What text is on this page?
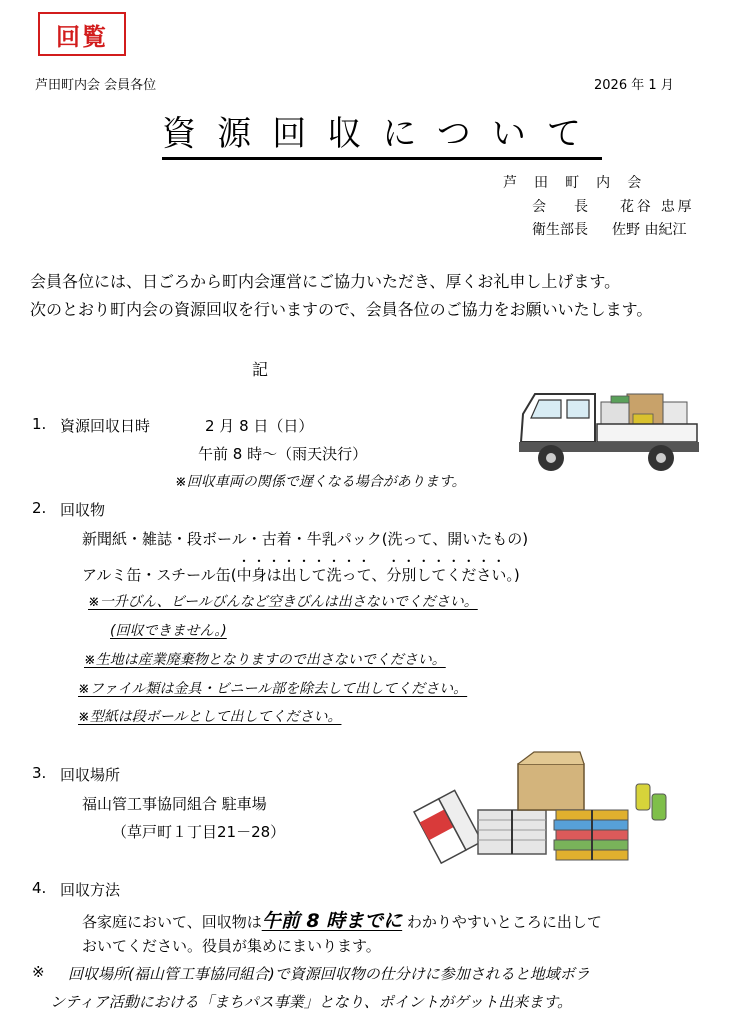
回覧
芦田町内会 会員各位	2026 年 1 月
資源回収について
芦 田 町 内 会
会　　長 花谷 忠厚
衛生部長 佐野 由紀江
会員各位には、日ごろから町内会運営にご協力いただき、厚くお礼申し上げます。
次のとおり町内会の資源回収を行いますので、会員各位のご協力をお願いいたします。
記
1. 資源回収日時	2 月 8 日（日）
午前 8 時～（雨天決行）
※回収車両の関係で遅くなる場合があります。
2. 回収物
新聞紙・雑誌・段ボール・古着・牛乳パック(洗って、開いたもの)
アルミ缶・スチール缶(中身は出して洗って、分別してください。)
※一升びん、ビールびんなど空きびんは出さないでください。
(回収できません。)
※生地は産業廃棄物となりますので出さないでください。
※ファイル類は金具・ビニール部を除去して出してください。
※型紙は段ボールとして出してください。
3. 回収場所
福山管工事協同組合 駐車場
（草戸町１丁目21－28）
4. 回収方法
各家庭において、回収物は午前 8 時までに わかりやすいところに出して
おいてください。役員が集めにまいります。
※ 回収場所(福山管工事協同組合)で資源回収物の仕分けに参加されると地域ボラ
ンティア活動における「まちパス事業」となり、ポイントがゲット出来ます。
